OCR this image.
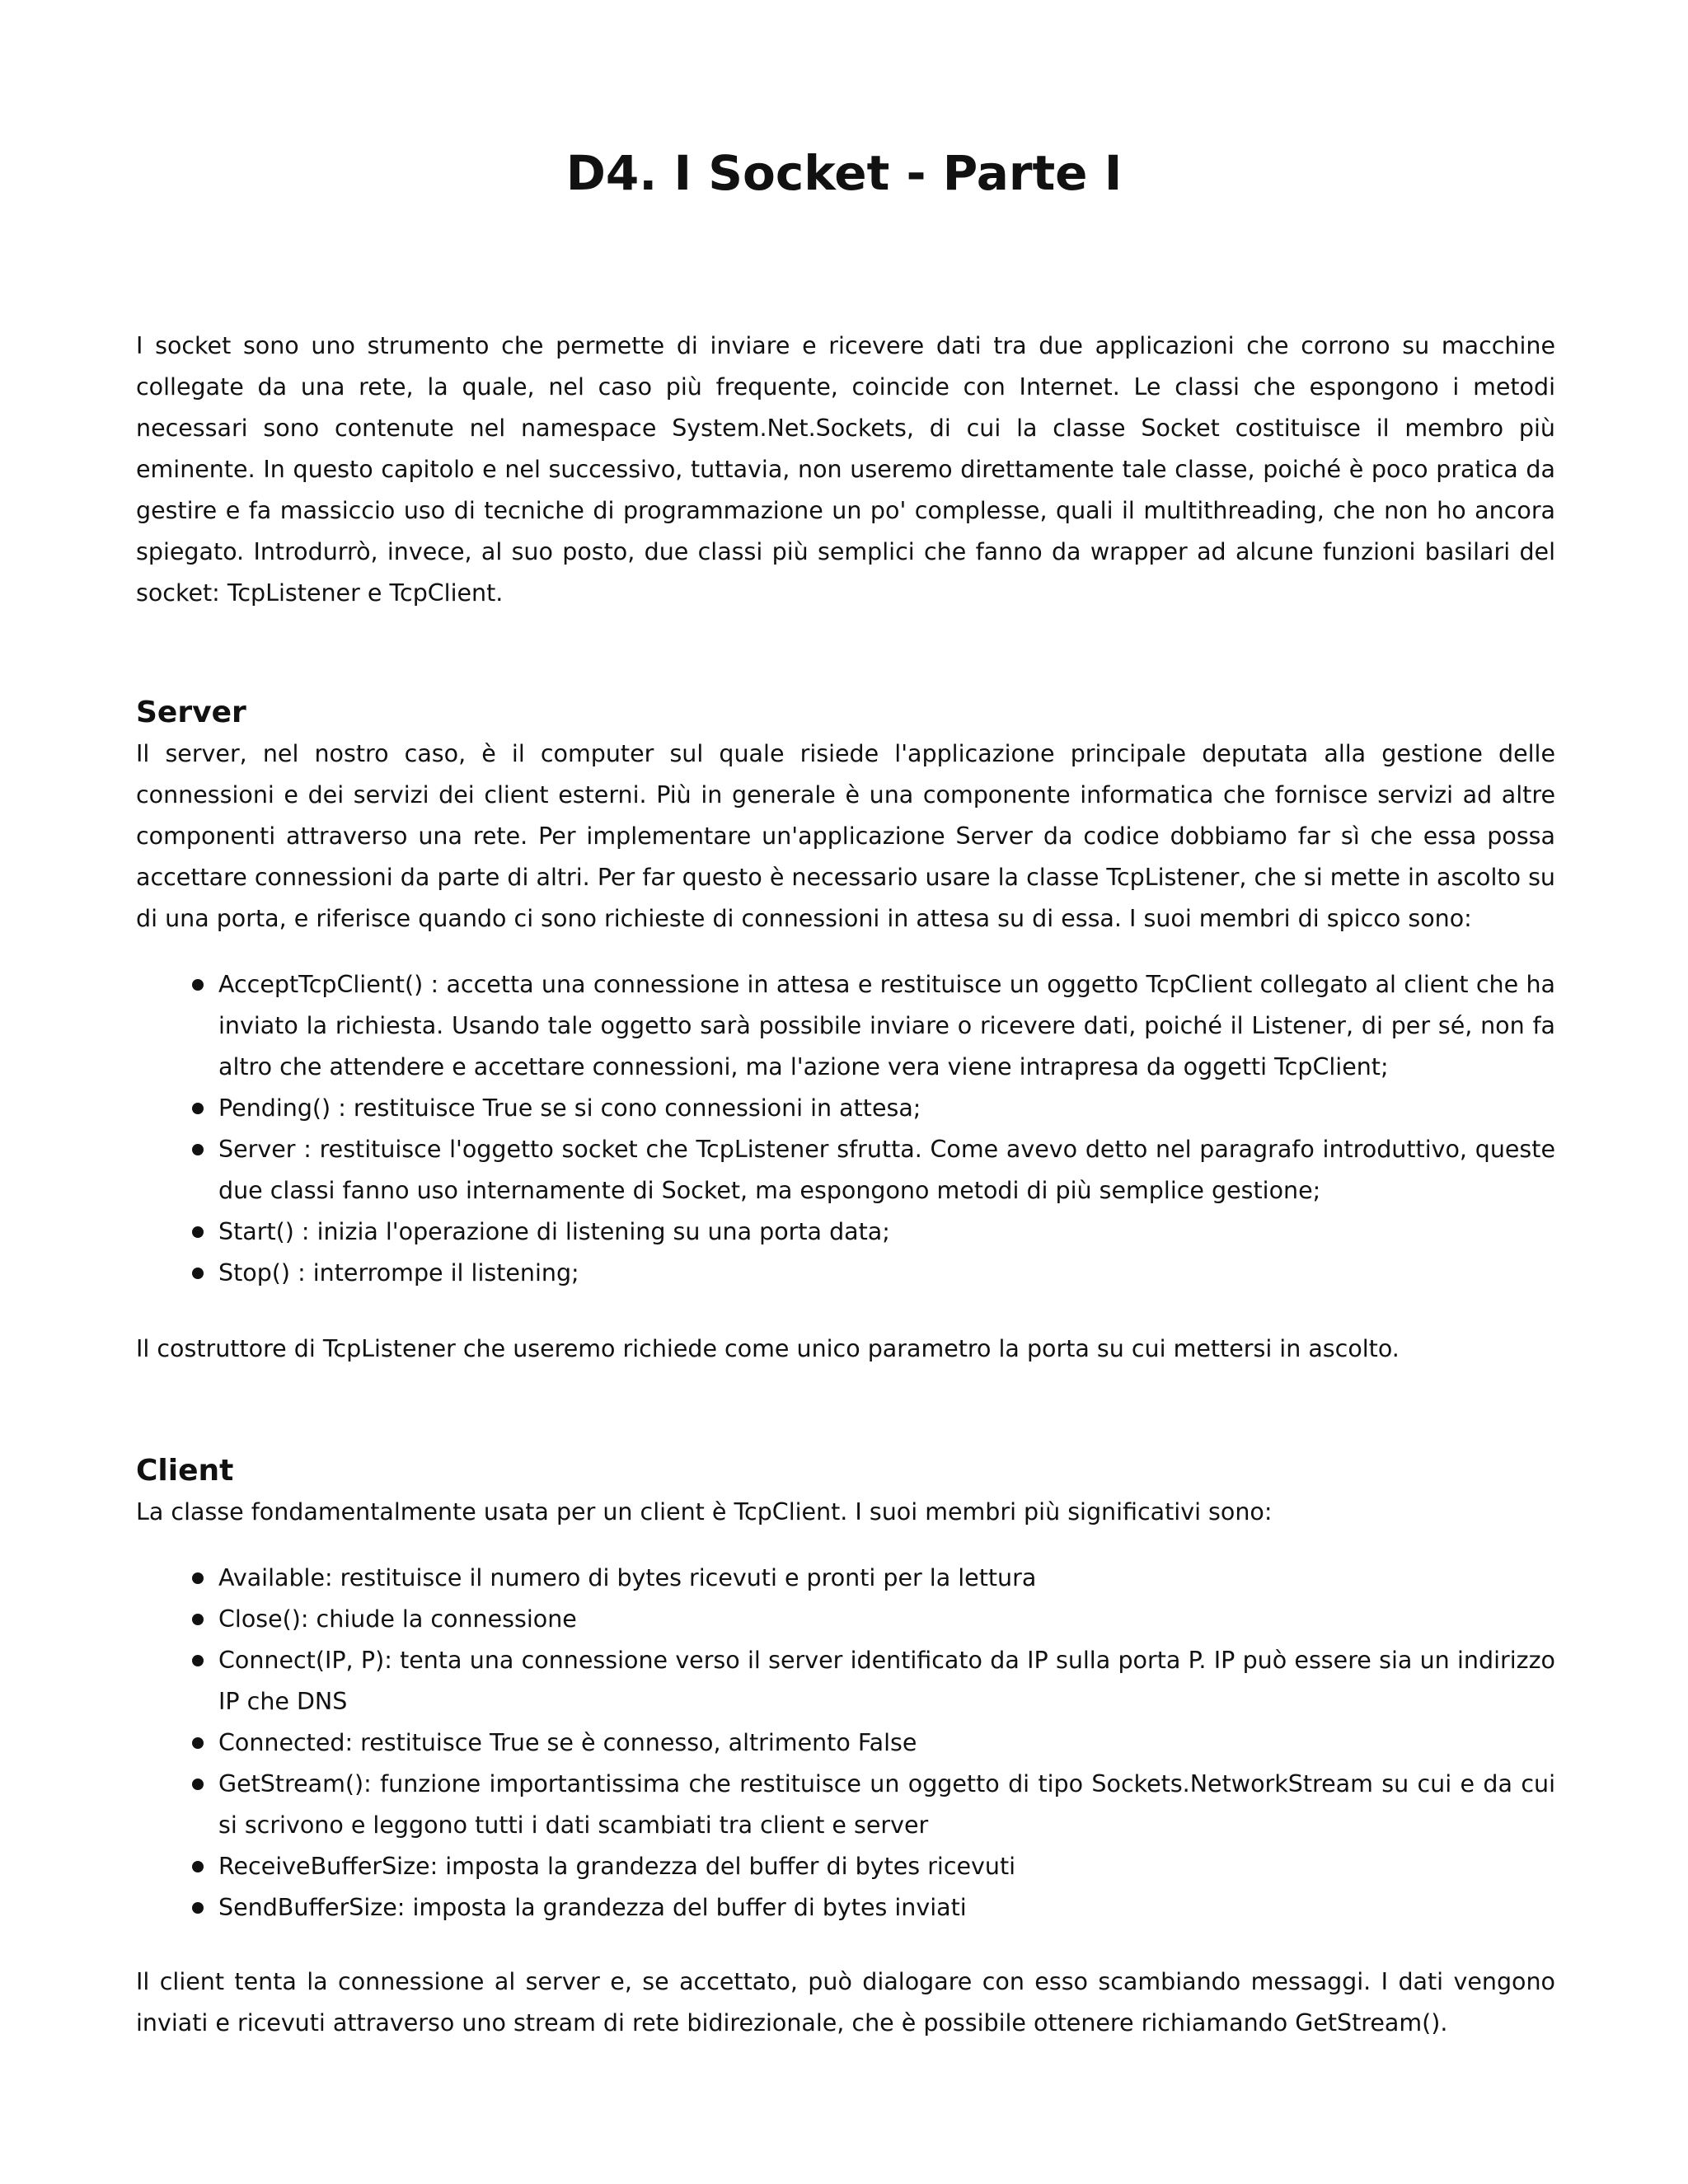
D4. I Socket - Parte I

I socket sono uno strumento che permette di inviare e ricevere dati tra due applicazioni che corrono su macchine collegate da una rete, la quale, nel caso più frequente, coincide con Internet. Le classi che espongono i metodi necessari sono contenute nel namespace System.Net.Sockets, di cui la classe Socket costituisce il membro più eminente. In questo capitolo e nel successivo, tuttavia, non useremo direttamente tale classe, poiché è poco pratica da gestire e fa massiccio uso di tecniche di programmazione un po' complesse, quali il multithreading, che non ho ancora spiegato. Introdurrò, invece, al suo posto, due classi più semplici che fanno da wrapper ad alcune funzioni basilari del socket: TcpListener e TcpClient.

Server

Il server, nel nostro caso, è il computer sul quale risiede l'applicazione principale deputata alla gestione delle connessioni e dei servizi dei client esterni. Più in generale è una componente informatica che fornisce servizi ad altre componenti attraverso una rete. Per implementare un'applicazione Server da codice dobbiamo far sì che essa possa accettare connessioni da parte di altri. Per far questo è necessario usare la classe TcpListener, che si mette in ascolto su di una porta, e riferisce quando ci sono richieste di connessioni in attesa su di essa. I suoi membri di spicco sono:

AcceptTcpClient() : accetta una connessione in attesa e restituisce un oggetto TcpClient collegato al client che ha inviato la richiesta. Usando tale oggetto sarà possibile inviare o ricevere dati, poiché il Listener, di per sé, non fa altro che attendere e accettare connessioni, ma l'azione vera viene intrapresa da oggetti TcpClient;
Pending() : restituisce True se si cono connessioni in attesa;
Server : restituisce l'oggetto socket che TcpListener sfrutta. Come avevo detto nel paragrafo introduttivo, queste due classi fanno uso internamente di Socket, ma espongono metodi di più semplice gestione;
Start() : inizia l'operazione di listening su una porta data;
Stop() : interrompe il listening;

Il costruttore di TcpListener che useremo richiede come unico parametro la porta su cui mettersi in ascolto.

Client

La classe fondamentalmente usata per un client è TcpClient. I suoi membri più significativi sono:

Available: restituisce il numero di bytes ricevuti e pronti per la lettura
Close(): chiude la connessione
Connect(IP, P): tenta una connessione verso il server identificato da IP sulla porta P. IP può essere sia un indirizzo IP che DNS
Connected: restituisce True se è connesso, altrimento False
GetStream(): funzione importantissima che restituisce un oggetto di tipo Sockets.NetworkStream su cui e da cui si scrivono e leggono tutti i dati scambiati tra client e server
ReceiveBufferSize: imposta la grandezza del buffer di bytes ricevuti
SendBufferSize: imposta la grandezza del buffer di bytes inviati

Il client tenta la connessione al server e, se accettato, può dialogare con esso scambiando messaggi. I dati vengono inviati e ricevuti attraverso uno stream di rete bidirezionale, che è possibile ottenere richiamando GetStream().
